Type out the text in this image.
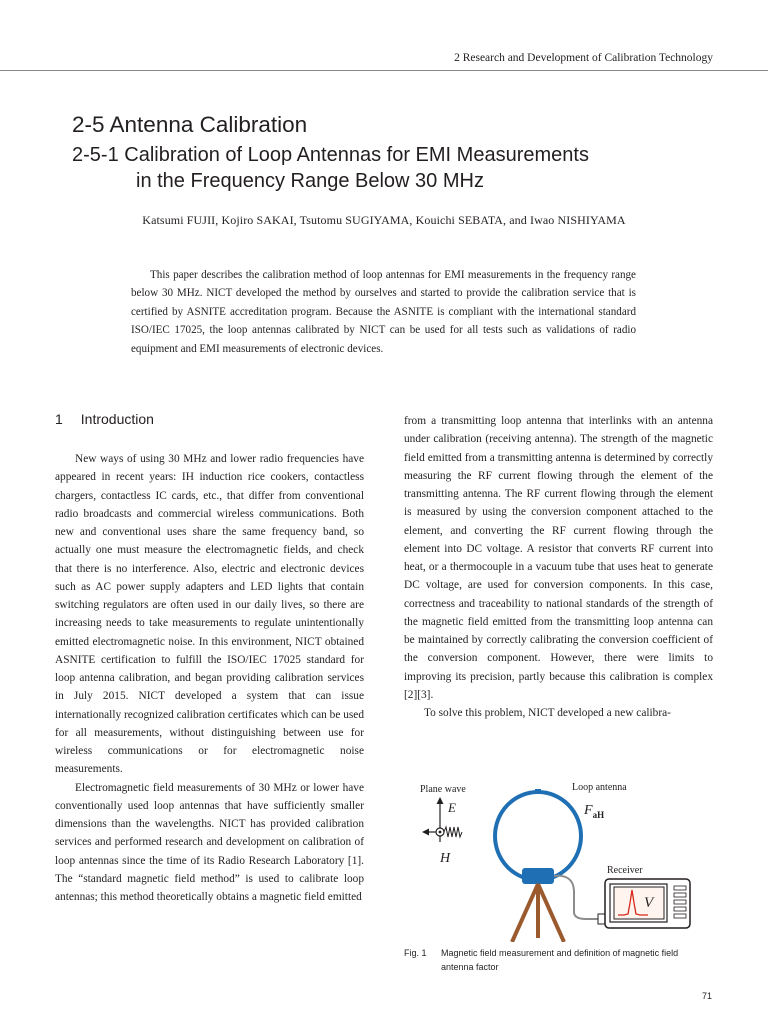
2 Research and Development of Calibration Technology
2-5 Antenna Calibration
2-5-1 Calibration of Loop Antennas for EMI Measurements
in the Frequency Range Below 30 MHz
Katsumi FUJII, Kojiro SAKAI, Tsutomu SUGIYAMA, Kouichi SEBATA, and Iwao NISHIYAMA

This paper describes the calibration method of loop antennas for EMI measurements in the frequency range below 30 MHz. NICT developed the method by ourselves and started to provide the calibration service that is certified by ASNITE accreditation program. Because the ASNITE is compliant with the international standard ISO/IEC 17025, the loop antennas calibrated by NICT can be used for all tests such as validations of radio equipment and EMI measurements of electronic devices.

1 Introduction

New ways of using 30 MHz and lower radio frequencies have appeared in recent years: IH induction rice cookers, contactless chargers, contactless IC cards, etc., that differ from conventional radio broadcasts and commercial wireless communications. Both new and conventional uses share the same frequency band, so actually one must measure the electromagnetic fields, and check that there is no interference. Also, electric and electronic devices such as AC power supply adapters and LED lights that contain switching regulators are often used in our daily lives, so there are increasing needs to take measurements to regulate unintentionally emitted electromagnetic noise. In this environment, NICT obtained ASNITE certification to fulfill the ISO/IEC 17025 standard for loop antenna calibration, and began providing calibration services in July 2015. NICT developed a system that can issue internationally recognized calibration certificates which can be used for all measurements, without distinguishing between use for wireless communications or for electromagnetic noise measurements.

Electromagnetic field measurements of 30 MHz or lower have conventionally used loop antennas that have sufficiently smaller dimensions than the wavelengths. NICT has provided calibration services and performed research and development on calibration of loop antennas since the time of its Radio Research Laboratory [1]. The “standard magnetic field method” is used to calibrate loop antennas; this method theoretically obtains a magnetic field emitted

from a transmitting loop antenna that interlinks with an antenna under calibration (receiving antenna). The strength of the magnetic field emitted from a transmitting antenna is determined by correctly measuring the RF current flowing through the element of the transmitting antenna. The RF current flowing through the element is measured by using the conversion component attached to the element, and converting the RF current flowing through the element into DC voltage. A resistor that converts RF current into heat, or a thermocouple in a vacuum tube that uses heat to generate DC voltage, are used for conversion components. In this case, correctness and traceability to national standards of the strength of the magnetic field emitted from the transmitting loop antenna can be maintained by correctly calibrating the conversion coefficient of the conversion component. However, there were limits to improving its precision, partly because this calibration is complex [2][3].

To solve this problem, NICT developed a new calibra-

Plane wave	Loop antenna
Receiver
E
H
$F_{aH}$
V
Fig. 1 Magnetic field measurement and definition of magnetic field
antenna factor
71
